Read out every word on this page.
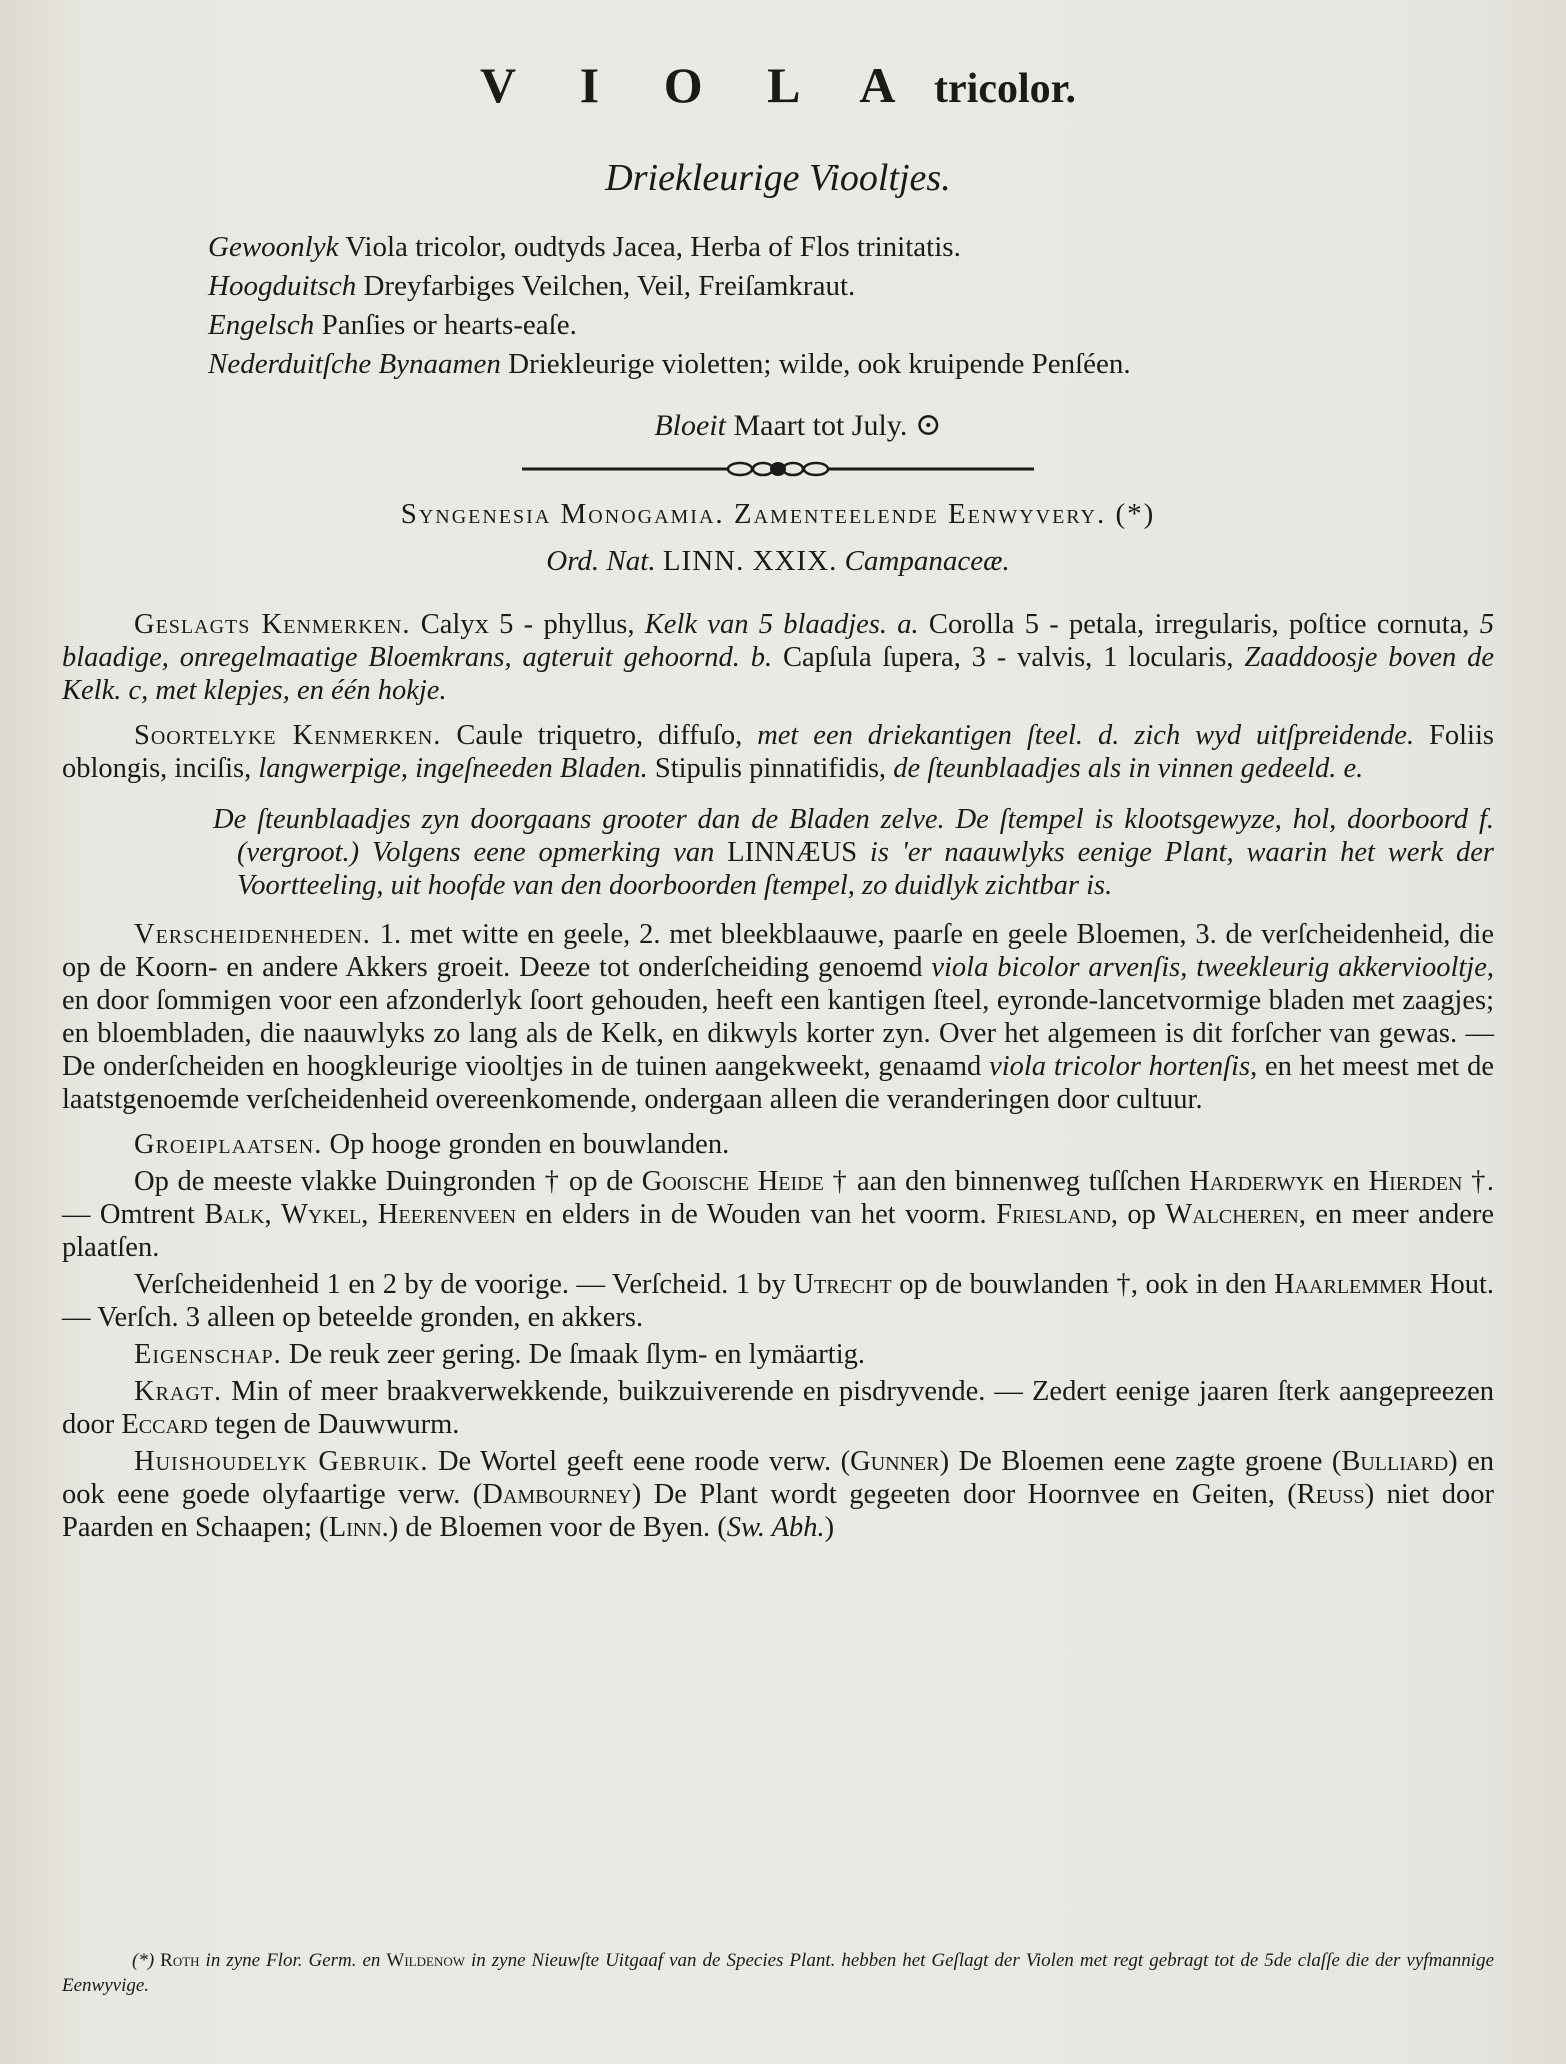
V I O L A tricolor.
Driekleurige Viooltjes.
Gewoonlyk Viola tricolor, oudtyds Jacea, Herba of Flos trinitatis.
Hoogduitsch Dreyfarbiges Veilchen, Veil, Freiſamkraut.
Engelsch Panſies or hearts-eaſe.
Nederduitſche Bynaamen Driekleurige violetten; wilde, ook kruipende Penſéen.
Bloeit Maart tot July. ⊙
Syngenesia Monogamia. Zamenteelende Eenwyvery. (*)
Ord. Nat. LINN. XXIX. Campanaceæ.

Geslagts Kenmerken. Calyx 5 - phyllus, Kelk van 5 blaadjes. a. Corolla 5 - petala, irregularis, poſtice cornuta, 5 blaadige, onregelmaatige Bloemkrans, agteruit gehoornd. b. Capſula ſupera, 3 - valvis, 1 locularis, Zaaddoosje boven de Kelk. c, met klepjes, en één hokje.

Soortelyke Kenmerken. Caule triquetro, diffuſo, met een driekantigen ſteel. d. zich wyd uitſpreidende. Foliis oblongis, inciſis, langwerpige, ingeſneeden Bladen. Stipulis pinnatifidis, de ſteunblaadjes als in vinnen gedeeld. e.

De ſteunblaadjes zyn doorgaans grooter dan de Bladen zelve. De ſtempel is klootsgewyze, hol, doorboord f. (vergroot.) Volgens eene opmerking van LINNÆUS is 'er naauwlyks eenige Plant, waarin het werk der Voortteeling, uit hoofde van den doorboorden ſtempel, zo duidlyk zichtbar is.

Verscheidenheden. 1. met witte en geele, 2. met bleekblaauwe, paarſe en geele Bloemen, 3. de verſcheidenheid, die op de Koorn- en andere Akkers groeit. Deeze tot onderſcheiding genoemd viola bicolor arvenſis, tweekleurig akkerviooltje, en door ſommigen voor een afzonderlyk ſoort gehouden, heeft een kantigen ſteel, eyronde-lancetvormige bladen met zaagjes; en bloembladen, die naauwlyks zo lang als de Kelk, en dikwyls korter zyn. Over het algemeen is dit forſcher van gewas. — De onderſcheiden en hoogkleurige viooltjes in de tuinen aangekweekt, genaamd viola tricolor hortenſis, en het meest met de laatstgenoemde verſcheidenheid overeenkomende, ondergaan alleen die veranderingen door cultuur.

Groeiplaatsen. Op hooge gronden en bouwlanden.

Op de meeste vlakke Duingronden † op de Gooische Heide † aan den binnenweg tuſſchen Harderwyk en Hierden †. — Omtrent Balk, Wykel, Heerenveen en elders in de Wouden van het voorm. Friesland, op Walcheren, en meer andere plaatſen.

Verſcheidenheid 1 en 2 by de voorige. — Verſcheid. 1 by Utrecht op de bouwlanden †, ook in den Haarlemmer Hout. — Verſch. 3 alleen op beteelde gronden, en akkers.

Eigenschap. De reuk zeer gering. De ſmaak ſlym- en lymäartig.

Kragt. Min of meer braakverwekkende, buikzuiverende en pisdryvende. — Zedert eenige jaaren ſterk aangepreezen door Eccard tegen de Dauwwurm.

Huishoudelyk Gebruik. De Wortel geeft eene roode verw. (Gunner) De Bloemen eene zagte groene (Bulliard) en ook eene goede olyfaartige verw. (Dambourney) De Plant wordt gegeeten door Hoornvee en Geiten, (Reuss) niet door Paarden en Schaapen; (Linn.) de Bloemen voor de Byen. (Sw. Abh.)

(*) Roth in zyne Flor. Germ. en Wildenow in zyne Nieuwſte Uitgaaf van de Species Plant. hebben het Geſlagt der Violen met regt gebragt tot de 5de claſſe die der vyfmannige Eenwyvige.
